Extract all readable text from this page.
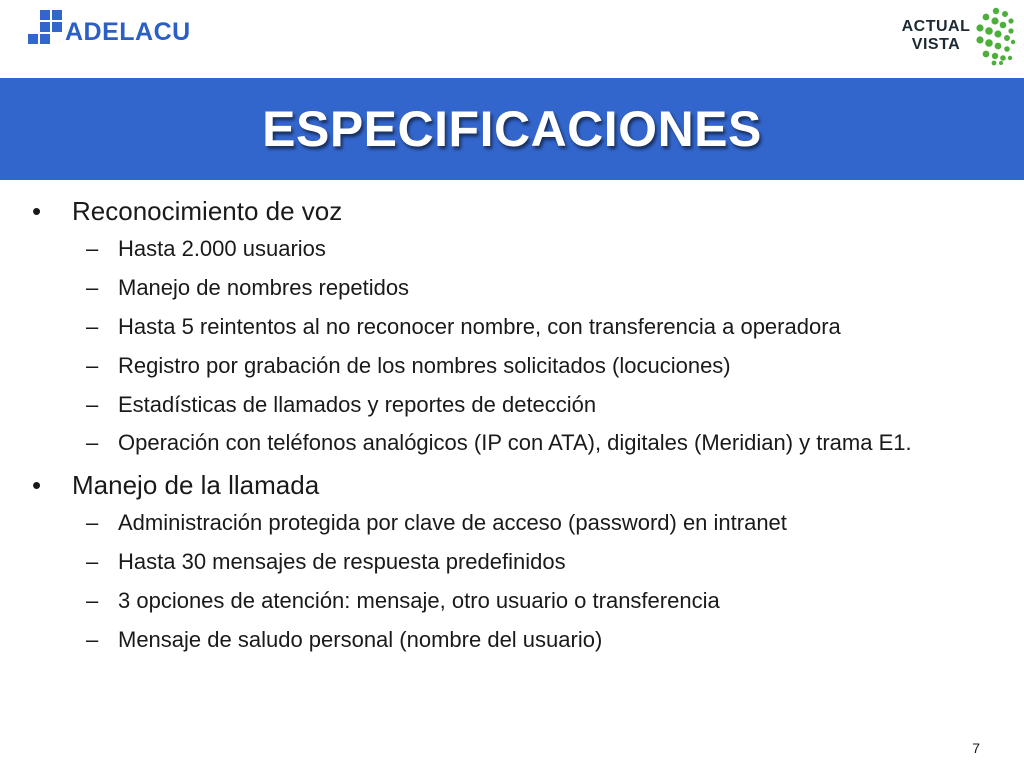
ADELACU	ACTUAL
VISTA
ESPECIFICACIONES
•	Reconocimiento de voz
– Hasta 2.000 usuarios
– Manejo de nombres repetidos
– Hasta 5 reintentos al no reconocer nombre, con transferencia a operadora
– Registro por grabación de los nombres solicitados (locuciones)
– Estadísticas de llamados y reportes de detección
– Operación con teléfonos analógicos (IP con ATA), digitales (Meridian) y trama E1.
•	Manejo de la llamada
– Administración protegida por clave de acceso (password) en intranet
– Hasta 30 mensajes de respuesta predefinidos
– 3 opciones de atención: mensaje, otro usuario o transferencia
– Mensaje de saludo personal (nombre del usuario)
7
